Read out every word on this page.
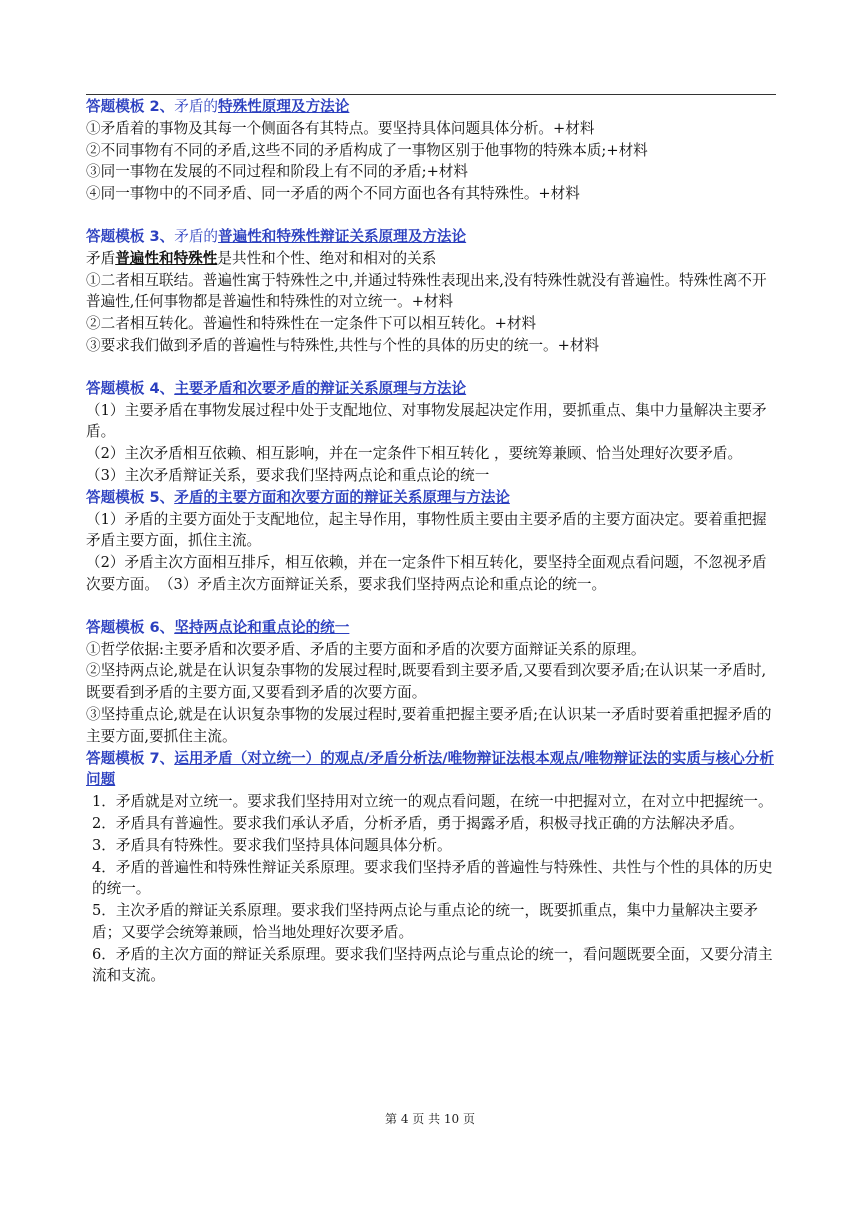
答题模板 2、矛盾的特殊性原理及方法论

①矛盾着的事物及其每一个侧面各有其特点。要坚持具体问题具体分析。+材料

②不同事物有不同的矛盾,这些不同的矛盾构成了一事物区别于他事物的特殊本质;+材料

③同一事物在发展的不同过程和阶段上有不同的矛盾;+材料

④同一事物中的不同矛盾、同一矛盾的两个不同方面也各有其特殊性。+材料

答题模板 3、矛盾的普遍性和特殊性辩证关系原理及方法论

矛盾普遍性和特殊性是共性和个性、绝对和相对的关系

①二者相互联结。普遍性寓于特殊性之中,并通过特殊性表现出来,没有特殊性就没有普遍性。特殊性离不开普遍性,任何事物都是普遍性和特殊性的对立统一。+材料

②二者相互转化。普遍性和特殊性在一定条件下可以相互转化。+材料

③要求我们做到矛盾的普遍性与特殊性,共性与个性的具体的历史的统一。+材料

答题模板 4、主要矛盾和次要矛盾的辩证关系原理与方法论

（1）主要矛盾在事物发展过程中处于支配地位、对事物发展起决定作用，要抓重点、集中力量解决主要矛盾。

（2）主次矛盾相互依赖、相互影响，并在一定条件下相互转化 ，要统筹兼顾、恰当处理好次要矛盾。

（3）主次矛盾辩证关系，要求我们坚持两点论和重点论的统一

答题模板 5、矛盾的主要方面和次要方面的辩证关系原理与方法论

（1）矛盾的主要方面处于支配地位，起主导作用，事物性质主要由主要矛盾的主要方面决定。要着重把握矛盾主要方面，抓住主流。

（2）矛盾主次方面相互排斥，相互依赖，并在一定条件下相互转化，要坚持全面观点看问题，不忽视矛盾次要方面。　（3）矛盾主次方面辩证关系，要求我们坚持两点论和重点论的统一。

答题模板 6、坚持两点论和重点论的统一

①哲学依据:主要矛盾和次要矛盾、矛盾的主要方面和矛盾的次要方面辩证关系的原理。

②坚持两点论,就是在认识复杂事物的发展过程时,既要看到主要矛盾,又要看到次要矛盾;在认识某一矛盾时,既要看到矛盾的主要方面,又要看到矛盾的次要方面。

③坚持重点论,就是在认识复杂事物的发展过程时,要着重把握主要矛盾;在认识某一矛盾时要着重把握矛盾的主要方面,要抓住主流。

答题模板 7、运用矛盾（对立统一）的观点/矛盾分析法/唯物辩证法根本观点/唯物辩证法的实质与核心分析问题

1．矛盾就是对立统一。要求我们坚持用对立统一的观点看问题，在统一中把握对立，在对立中把握统一。

2．矛盾具有普遍性。要求我们承认矛盾，分析矛盾，勇于揭露矛盾，积极寻找正确的方法解决矛盾。

3．矛盾具有特殊性。要求我们坚持具体问题具体分析。

4．矛盾的普遍性和特殊性辩证关系原理。要求我们坚持矛盾的普遍性与特殊性、共性与个性的具体的历史的统一。

5．主次矛盾的辩证关系原理。要求我们坚持两点论与重点论的统一，既要抓重点，集中力量解决主要矛盾；又要学会统筹兼顾，恰当地处理好次要矛盾。

6．矛盾的主次方面的辩证关系原理。要求我们坚持两点论与重点论的统一，看问题既要全面，又要分清主流和支流。

第 4 页 共 10 页
